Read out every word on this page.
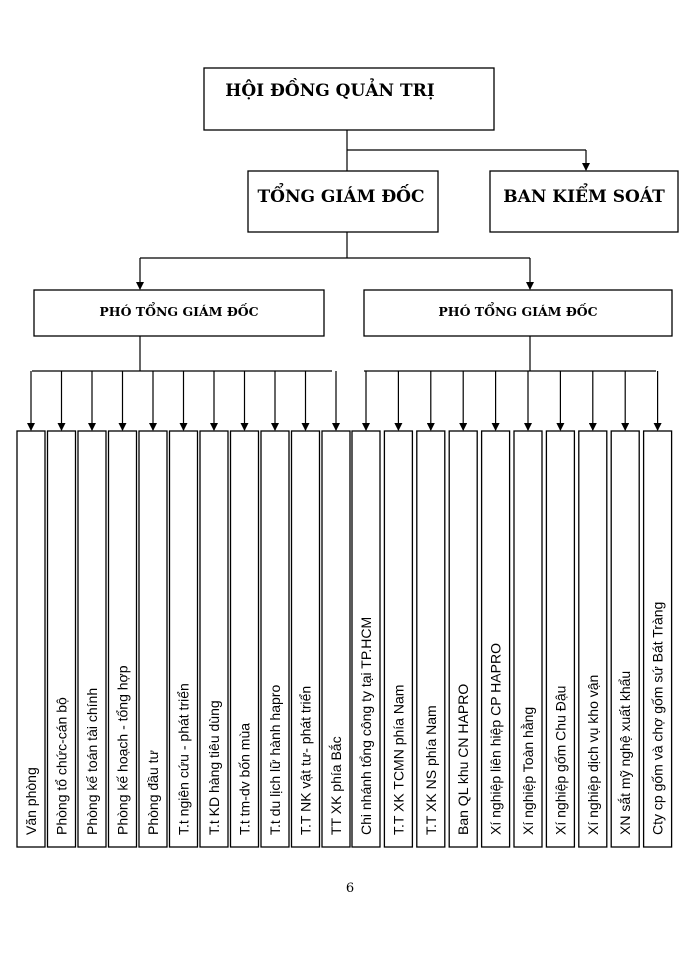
HỘI ĐỒNG QUẢN TRỊ
TỔNG GIÁM ĐỐC	BAN KIỂM SOÁT
PHÓ TỔNG GIÁM ĐỐC	PHÓ TỔNG GIÁM ĐỐC
Văn phòng Phòng tổ chức-cán bộ Phòng kế toán tài chính Phòng kế hoạch - tổng hợp Phòng đầu tư T.t ngiên cứu - phát triển T.t KD hàng tiêu dùng T.t tm-dv bốn mùa T.t du lịch lữ hành hapro T.T NK vật tư- phát triển TT XK phía Bắc Chi nhánh tổng công ty tại TP.HCM T.T XK TCMN phía Nam T.T XK NS phía Nam Ban QL khu CN HAPRO Xí nghiệp liên hiệp CP HAPRO Xí nghiệp Toàn hằng Xí nghiệp gốm Chu Đậu Xí nghiệp dịch vụ kho vận XN sắt mỹ nghệ xuất khẩu Cty cp gốm và chợ gốm sứ Bát Tràng
6
